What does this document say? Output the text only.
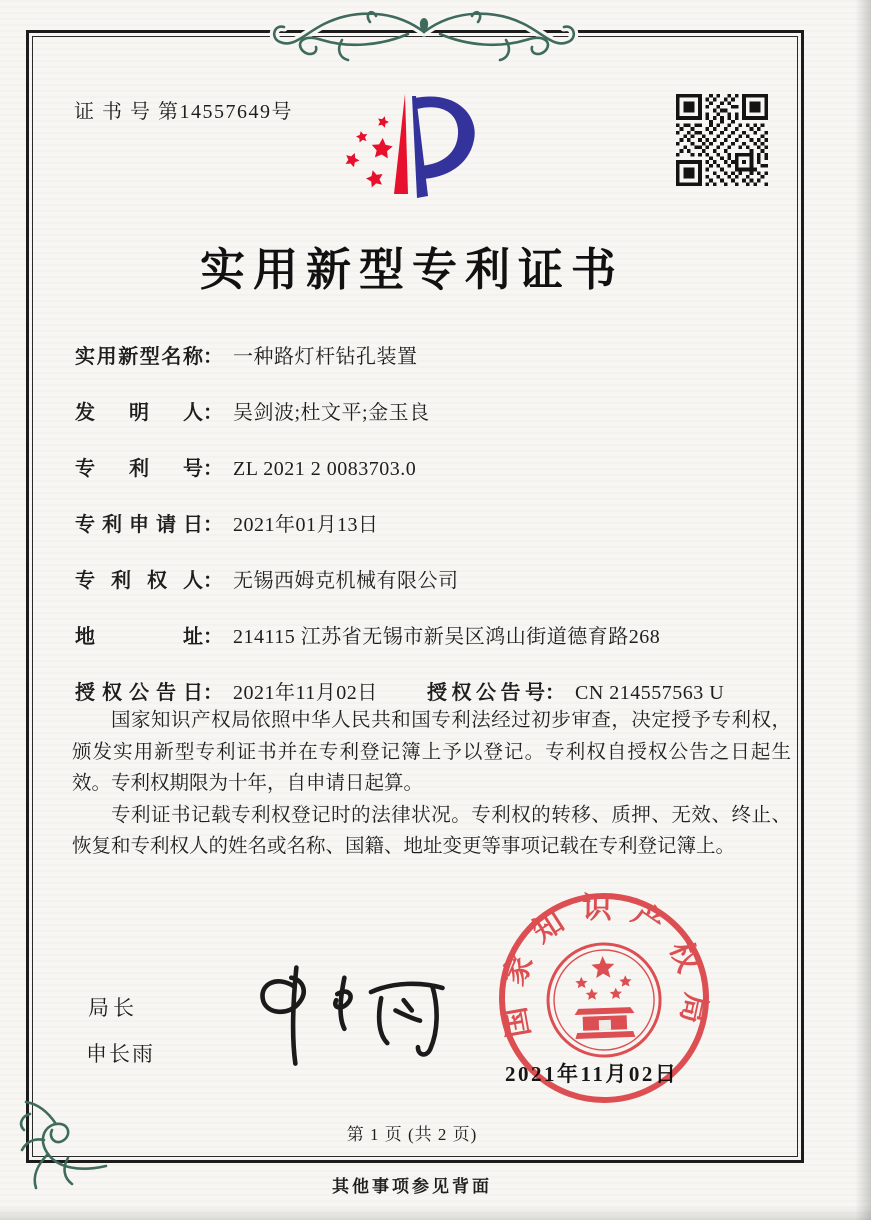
证 书 号 第14557649号
实用新型专利证书
实用新型名称 ： 一种路灯杆钻孔装置
发明人 ： 吴剑波;杜文平;金玉良
专利号 ： ZL 2021 2 0083703.0
专利申请日 ： 2021年01月13日
专利权人 ： 无锡西姆克机械有限公司
地址 ： 214115 江苏省无锡市新吴区鸿山街道德育路268
授权公告日 ： 2021年11月02日 授权公告号 ： CN 214557563 U

国家知识产权局依照中华人民共和国专利法经过初步审查，决定授予专利权，颁发实用新型专利证书并在专利登记簿上予以登记。专利权自授权公告之日起生效。专利权期限为十年，自申请日起算。

专利证书记载专利权登记时的法律状况。专利权的转移、质押、无效、终止、恢复和专利权人的姓名或名称、国籍、地址变更等事项记载在专利登记簿上。

局长
申长雨
2021年11月02日
国家知识产权局
第 1 页 (共 2 页)
其他事项参见背面
